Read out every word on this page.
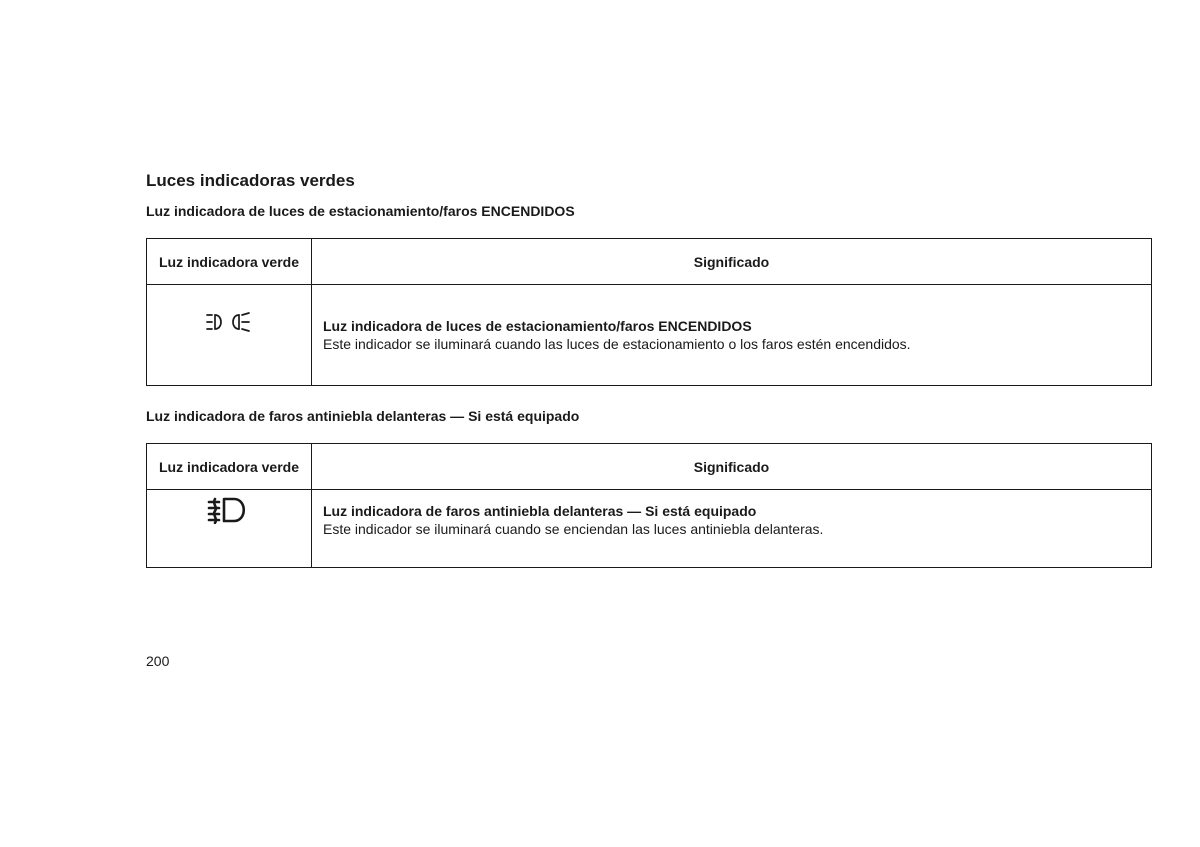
Luces indicadoras verdes
Luz indicadora de luces de estacionamiento/faros ENCENDIDOS
Luz indicadora verde	Significado

Luz indicadora de luces de estacionamiento/faros ENCENDIDOS
Este indicador se iluminará cuando las luces de estacionamiento o los faros estén encendidos.
Luz indicadora de faros antiniebla delanteras — Si está equipado
Luz indicadora verde	Significado

Luz indicadora de faros antiniebla delanteras — Si está equipado
Este indicador se iluminará cuando se enciendan las luces antiniebla delanteras.

200
